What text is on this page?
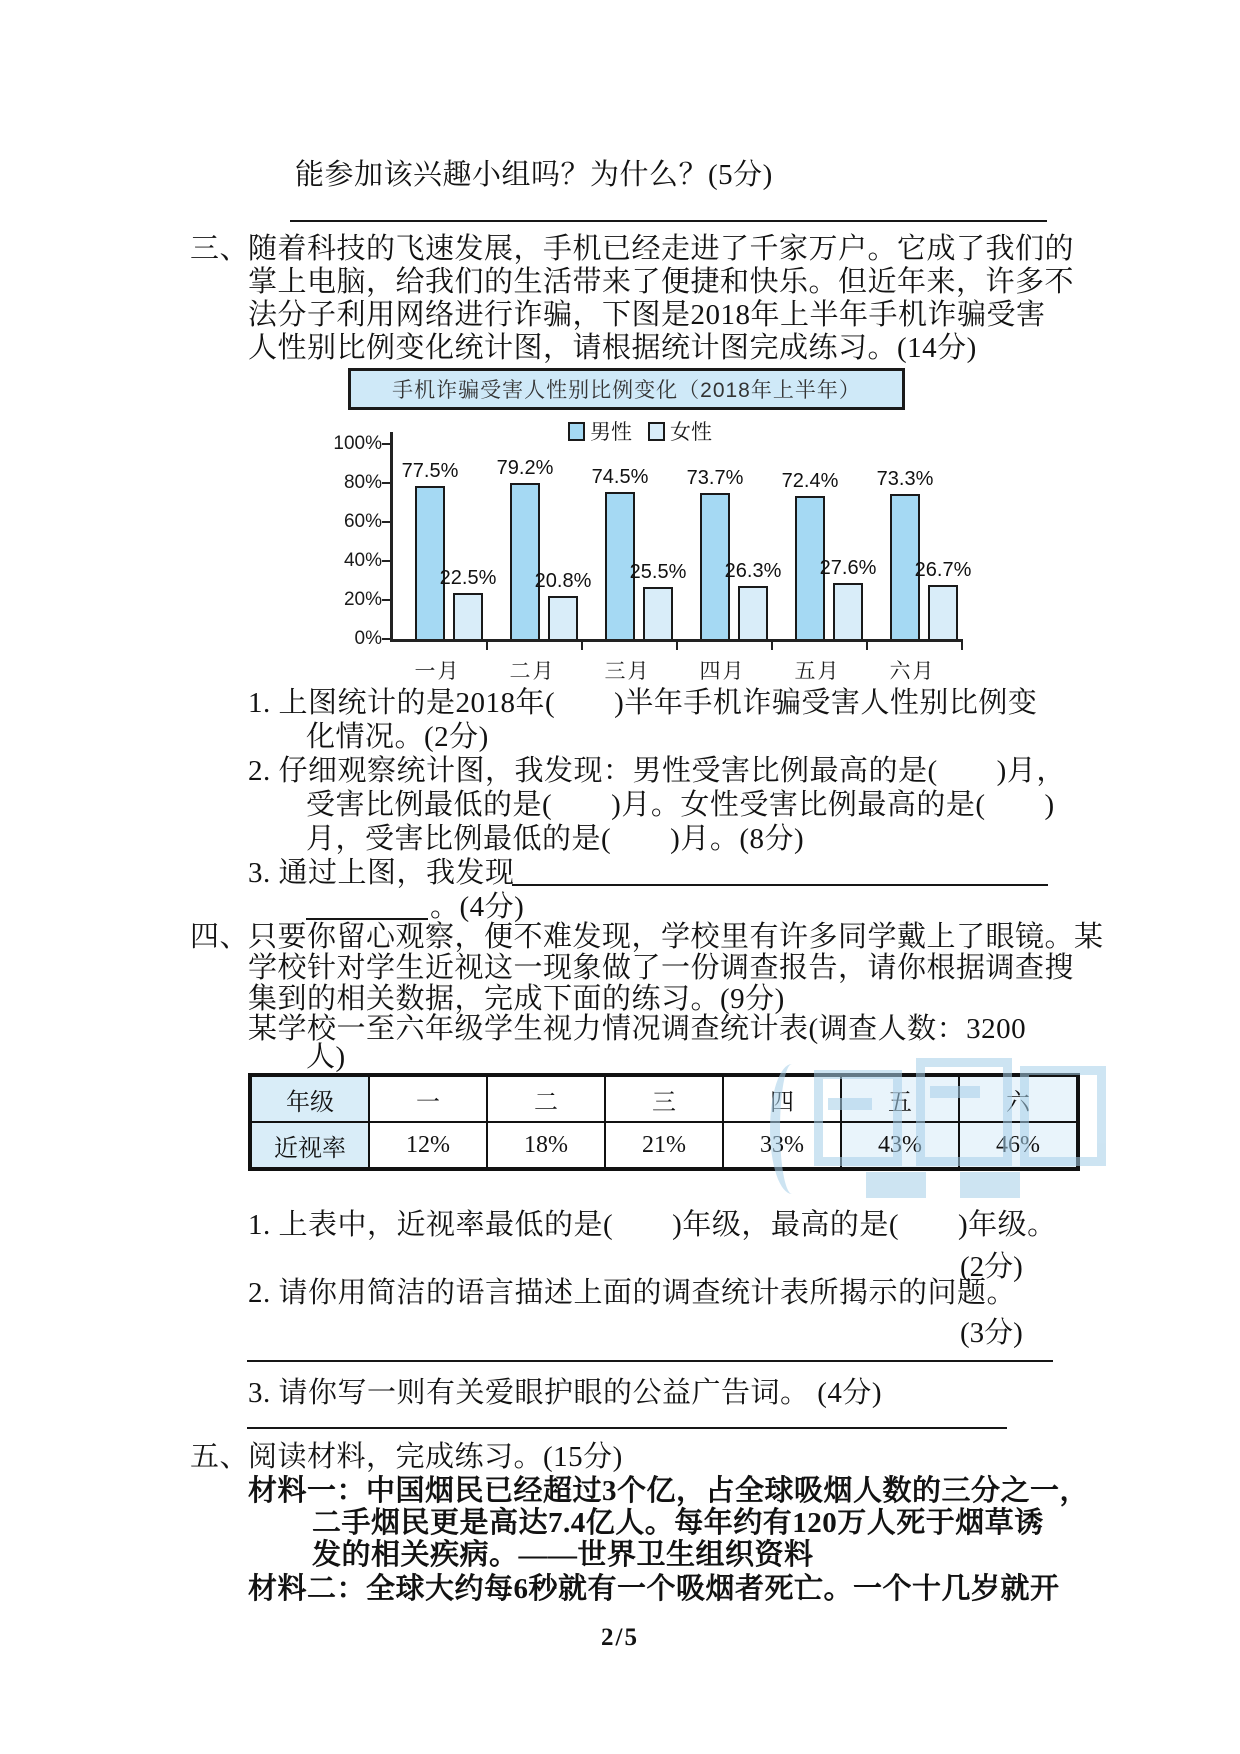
能参加该兴趣小组吗？为什么？(5分)
三、随着科技的飞速发展，手机已经走进了千家万户。它成了我们的
掌上电脑，给我们的生活带来了便捷和快乐。但近年来，许多不
法分子利用网络进行诈骗，下图是2018年上半年手机诈骗受害
人性别比例变化统计图，请根据统计图完成练习。(14分)
手机诈骗受害人性别比例变化（2018年上半年）
男性 女性
100%
80%
60%
40%
20%
0%
77.5%
22.5%
79.2%
20.8%
74.5%
25.5%
73.7%
26.3%
72.4%
27.6%
73.3%
26.7%
一月	二月	三月	四月	五月	六月
1. 上图统计的是2018年(　　)半年手机诈骗受害人性别比例变
化情况。(2分)
2. 仔细观察统计图，我发现：男性受害比例最高的是(　　)月，
受害比例最低的是(　　)月。女性受害比例最高的是(　　)
月，受害比例最低的是(　　)月。(8分)
3. 通过上图，我发现
。(4分)
四、只要你留心观察，便不难发现，学校里有许多同学戴上了眼镜。某
学校针对学生近视这一现象做了一份调查报告，请你根据调查搜
集到的相关数据，完成下面的练习。(9分)
某学校一至六年级学生视力情况调查统计表(调查人数：3200
人)
年级	一	二	三	四	五	六
近视率	12%	18%	21%	33%	43%	46%
1. 上表中，近视率最低的是(　　)年级，最高的是(　　)年级。
(2分)
2. 请你用简洁的语言描述上面的调查统计表所揭示的问题。
(3分)
3. 请你写一则有关爱眼护眼的公益广告词。 (4分)
五、阅读材料，完成练习。(15分)
材料一：中国烟民已经超过3个亿，占全球吸烟人数的三分之一，
二手烟民更是高达7.4亿人。每年约有120万人死于烟草诱
发的相关疾病。——世界卫生组织资料
材料二：全球大约每6秒就有一个吸烟者死亡。一个十几岁就开
2/5
